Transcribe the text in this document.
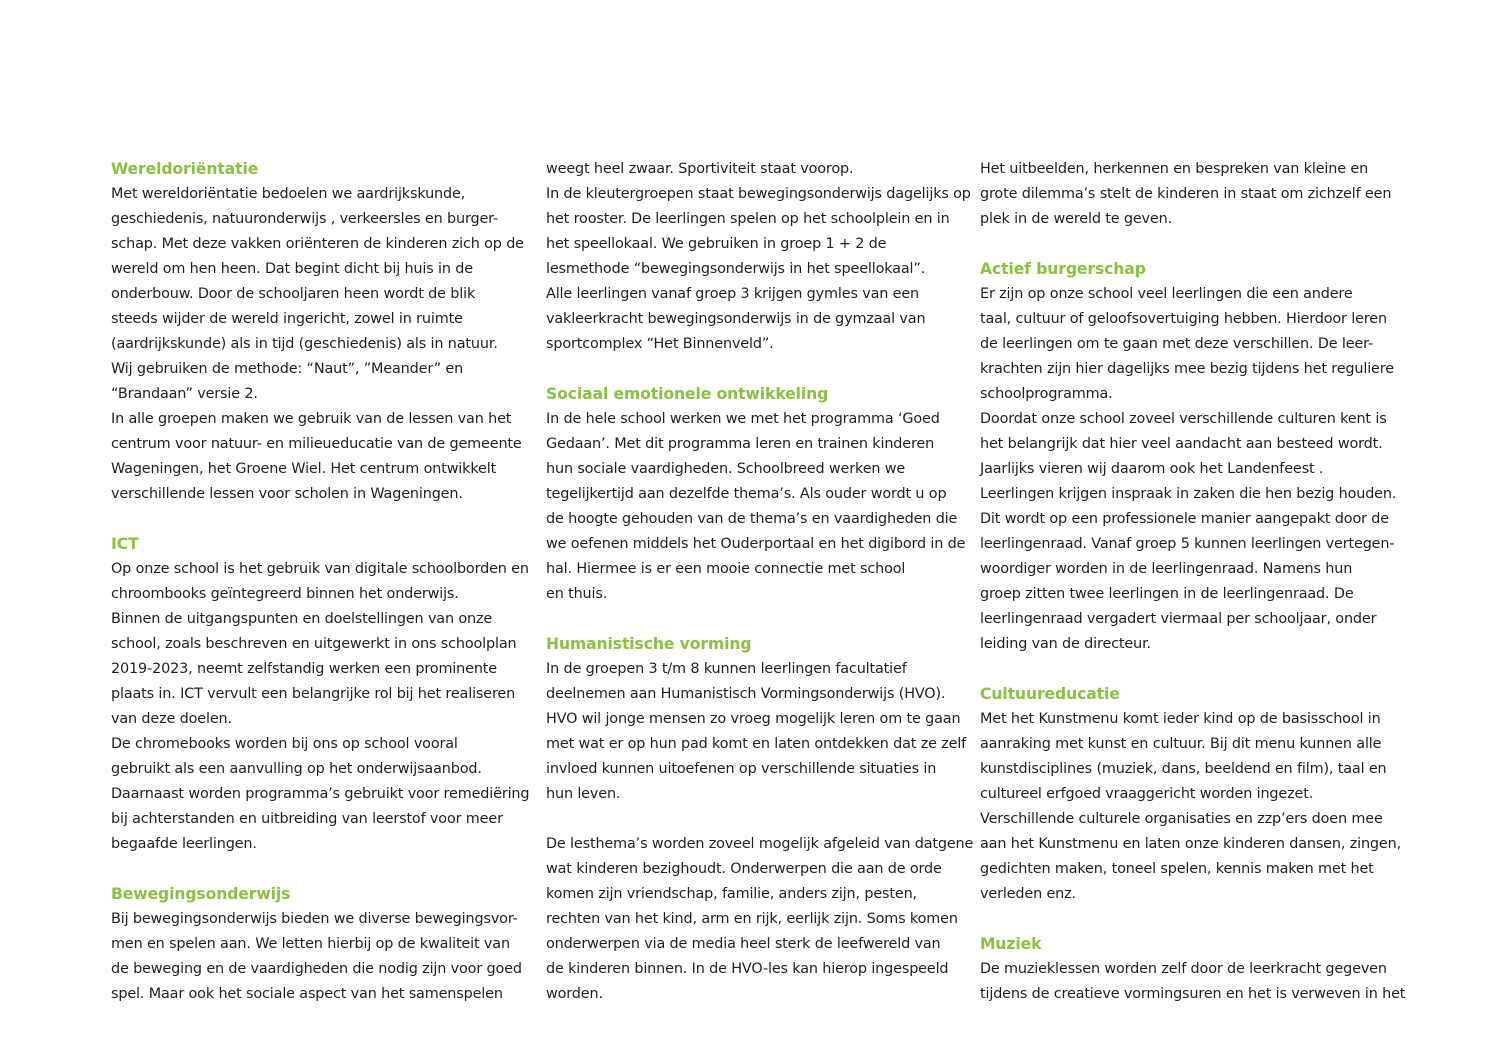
Wereldoriëntatie
Met wereldoriëntatie bedoelen we aardrijkskunde,
geschiedenis, natuuronderwijs , verkeersles en burger-
schap. Met deze vakken oriënteren de kinderen zich op de
wereld om hen heen. Dat begint dicht bij huis in de
onderbouw. Door de schooljaren heen wordt de blik
steeds wijder de wereld ingericht, zowel in ruimte
(aardrijkskunde) als in tijd (geschiedenis) als in natuur.
Wij gebruiken de methode: “Naut”, ”Meander” en
“Brandaan” versie 2.
In alle groepen maken we gebruik van de lessen van het
centrum voor natuur- en milieueducatie van de gemeente
Wageningen, het Groene Wiel. Het centrum ontwikkelt
verschillende lessen voor scholen in Wageningen.
ICT
Op onze school is het gebruik van digitale schoolborden en
chroombooks geïntegreerd binnen het onderwijs.
Binnen de uitgangspunten en doelstellingen van onze
school, zoals beschreven en uitgewerkt in ons schoolplan
2019-2023, neemt zelfstandig werken een prominente
plaats in. ICT vervult een belangrijke rol bij het realiseren
van deze doelen.
De chromebooks worden bij ons op school vooral
gebruikt als een aanvulling op het onderwijsaanbod.
Daarnaast worden programma’s gebruikt voor remediëring
bij achterstanden en uitbreiding van leerstof voor meer
begaafde leerlingen.
Bewegingsonderwijs
Bij bewegingsonderwijs bieden we diverse bewegingsvor-
men en spelen aan. We letten hierbij op de kwaliteit van
de beweging en de vaardigheden die nodig zijn voor goed
spel. Maar ook het sociale aspect van het samenspelen
weegt heel zwaar. Sportiviteit staat voorop.
In de kleutergroepen staat bewegingsonderwijs dagelijks op
het rooster. De leerlingen spelen op het schoolplein en in
het speellokaal. We gebruiken in groep 1 + 2 de
lesmethode “bewegingsonderwijs in het speellokaal”.
Alle leerlingen vanaf groep 3 krijgen gymles van een
vakleerkracht bewegingsonderwijs in de gymzaal van
sportcomplex “Het Binnenveld”.
Sociaal emotionele ontwikkeling
In de hele school werken we met het programma ‘Goed
Gedaan’. Met dit programma leren en trainen kinderen
hun sociale vaardigheden. Schoolbreed werken we
tegelijkertijd aan dezelfde thema’s. Als ouder wordt u op
de hoogte gehouden van de thema’s en vaardigheden die
we oefenen middels het Ouderportaal en het digibord in de
hal. Hiermee is er een mooie connectie met school
en thuis.
Humanistische vorming
In de groepen 3 t/m 8 kunnen leerlingen facultatief
deelnemen aan Humanistisch Vormingsonderwijs (HVO).
HVO wil jonge mensen zo vroeg mogelijk leren om te gaan
met wat er op hun pad komt en laten ontdekken dat ze zelf
invloed kunnen uitoefenen op verschillende situaties in
hun leven.
De lesthema’s worden zoveel mogelijk afgeleid van datgene
wat kinderen bezighoudt. Onderwerpen die aan de orde
komen zijn vriendschap, familie, anders zijn, pesten,
rechten van het kind, arm en rijk, eerlijk zijn. Soms komen
onderwerpen via de media heel sterk de leefwereld van
de kinderen binnen. In de HVO-les kan hierop ingespeeld
worden.
Het uitbeelden, herkennen en bespreken van kleine en
grote dilemma’s stelt de kinderen in staat om zichzelf een
plek in de wereld te geven.
Actief burgerschap
Er zijn op onze school veel leerlingen die een andere
taal, cultuur of geloofsovertuiging hebben. Hierdoor leren
de leerlingen om te gaan met deze verschillen. De leer-
krachten zijn hier dagelijks mee bezig tijdens het reguliere
schoolprogramma.
Doordat onze school zoveel verschillende culturen kent is
het belangrijk dat hier veel aandacht aan besteed wordt.
Jaarlijks vieren wij daarom ook het Landenfeest .
Leerlingen krijgen inspraak in zaken die hen bezig houden.
Dit wordt op een professionele manier aangepakt door de
leerlingenraad. Vanaf groep 5 kunnen leerlingen vertegen-
woordiger worden in de leerlingenraad. Namens hun
groep zitten twee leerlingen in de leerlingenraad. De
leerlingenraad vergadert viermaal per schooljaar, onder
leiding van de directeur.
Cultuureducatie
Met het Kunstmenu komt ieder kind op de basisschool in
aanraking met kunst en cultuur. Bij dit menu kunnen alle
kunstdisciplines (muziek, dans, beeldend en film), taal en
cultureel erfgoed vraaggericht worden ingezet.
Verschillende culturele organisaties en zzp’ers doen mee
aan het Kunstmenu en laten onze kinderen dansen, zingen,
gedichten maken, toneel spelen, kennis maken met het
verleden enz.
Muziek
De muzieklessen worden zelf door de leerkracht gegeven
tijdens de creatieve vormingsuren en het is verweven in het
